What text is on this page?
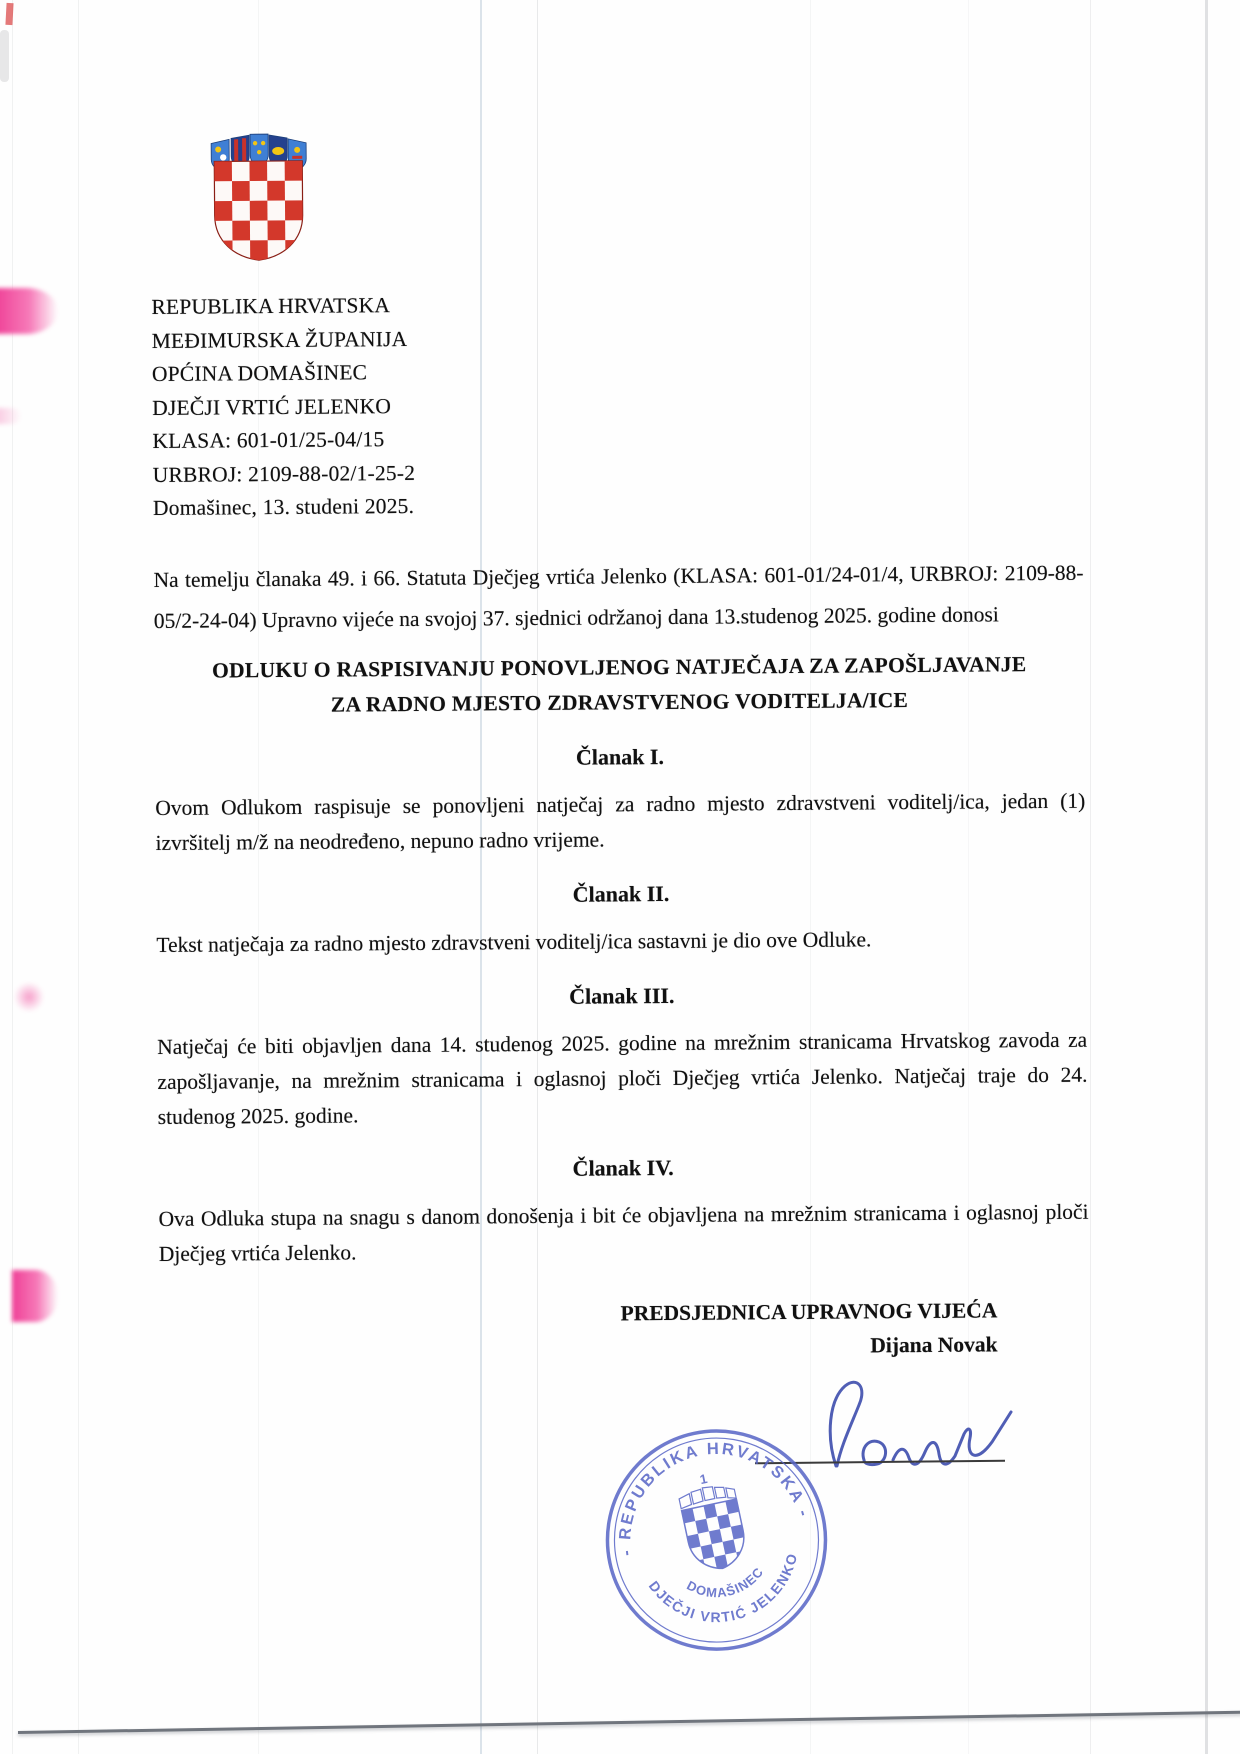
REPUBLIKA HRVATSKA
MEĐIMURSKA ŽUPANIJA
OPĆINA DOMAŠINEC
DJEČJI VRTIĆ JELENKO
KLASA: 601-01/25-04/15
URBROJ: 2109-88-02/1-25-2
Domašinec, 13. studeni 2025.

Na temelju članaka 49. i 66. Statuta Dječjeg vrtića Jelenko (KLASA: 601-01/24-01/4, URBROJ: 2109-88-05/2-24-04) Upravno vijeće na svojoj 37. sjednici održanoj dana 13.studenog 2025. godine donosi

ODLUKU O RASPISIVANJU PONOVLJENOG NATJEČAJA ZA ZAPOŠLJAVANJE
ZA RADNO MJESTO ZDRAVSTVENOG VODITELJA/ICE
Članak I.

Ovom Odlukom raspisuje se ponovljeni natječaj za radno mjesto zdravstveni voditelj/ica, jedan (1) izvršitelj m/ž na neodređeno, nepuno radno vrijeme.

Članak II.

Tekst natječaja za radno mjesto zdravstveni voditelj/ica sastavni je dio ove Odluke.

Članak III.

Natječaj će biti objavljen dana 14. studenog 2025. godine na mrežnim stranicama Hrvatskog zavoda za zapošljavanje, na mrežnim stranicama i oglasnoj ploči Dječjeg vrtića Jelenko. Natječaj traje do 24. studenog 2025. godine.

Članak IV.

Ova Odluka stupa na snagu s danom donošenja i bit će objavljena na mrežnim stranicama i oglasnoj ploči Dječjeg vrtića Jelenko.

PREDSJEDNICA UPRAVNOG VIJEĆA
Dijana Novak
- REPUBLIKA HRVATSKA -
1
DJEČJI VRTIĆ JELENKO
DOMAŠINEC
